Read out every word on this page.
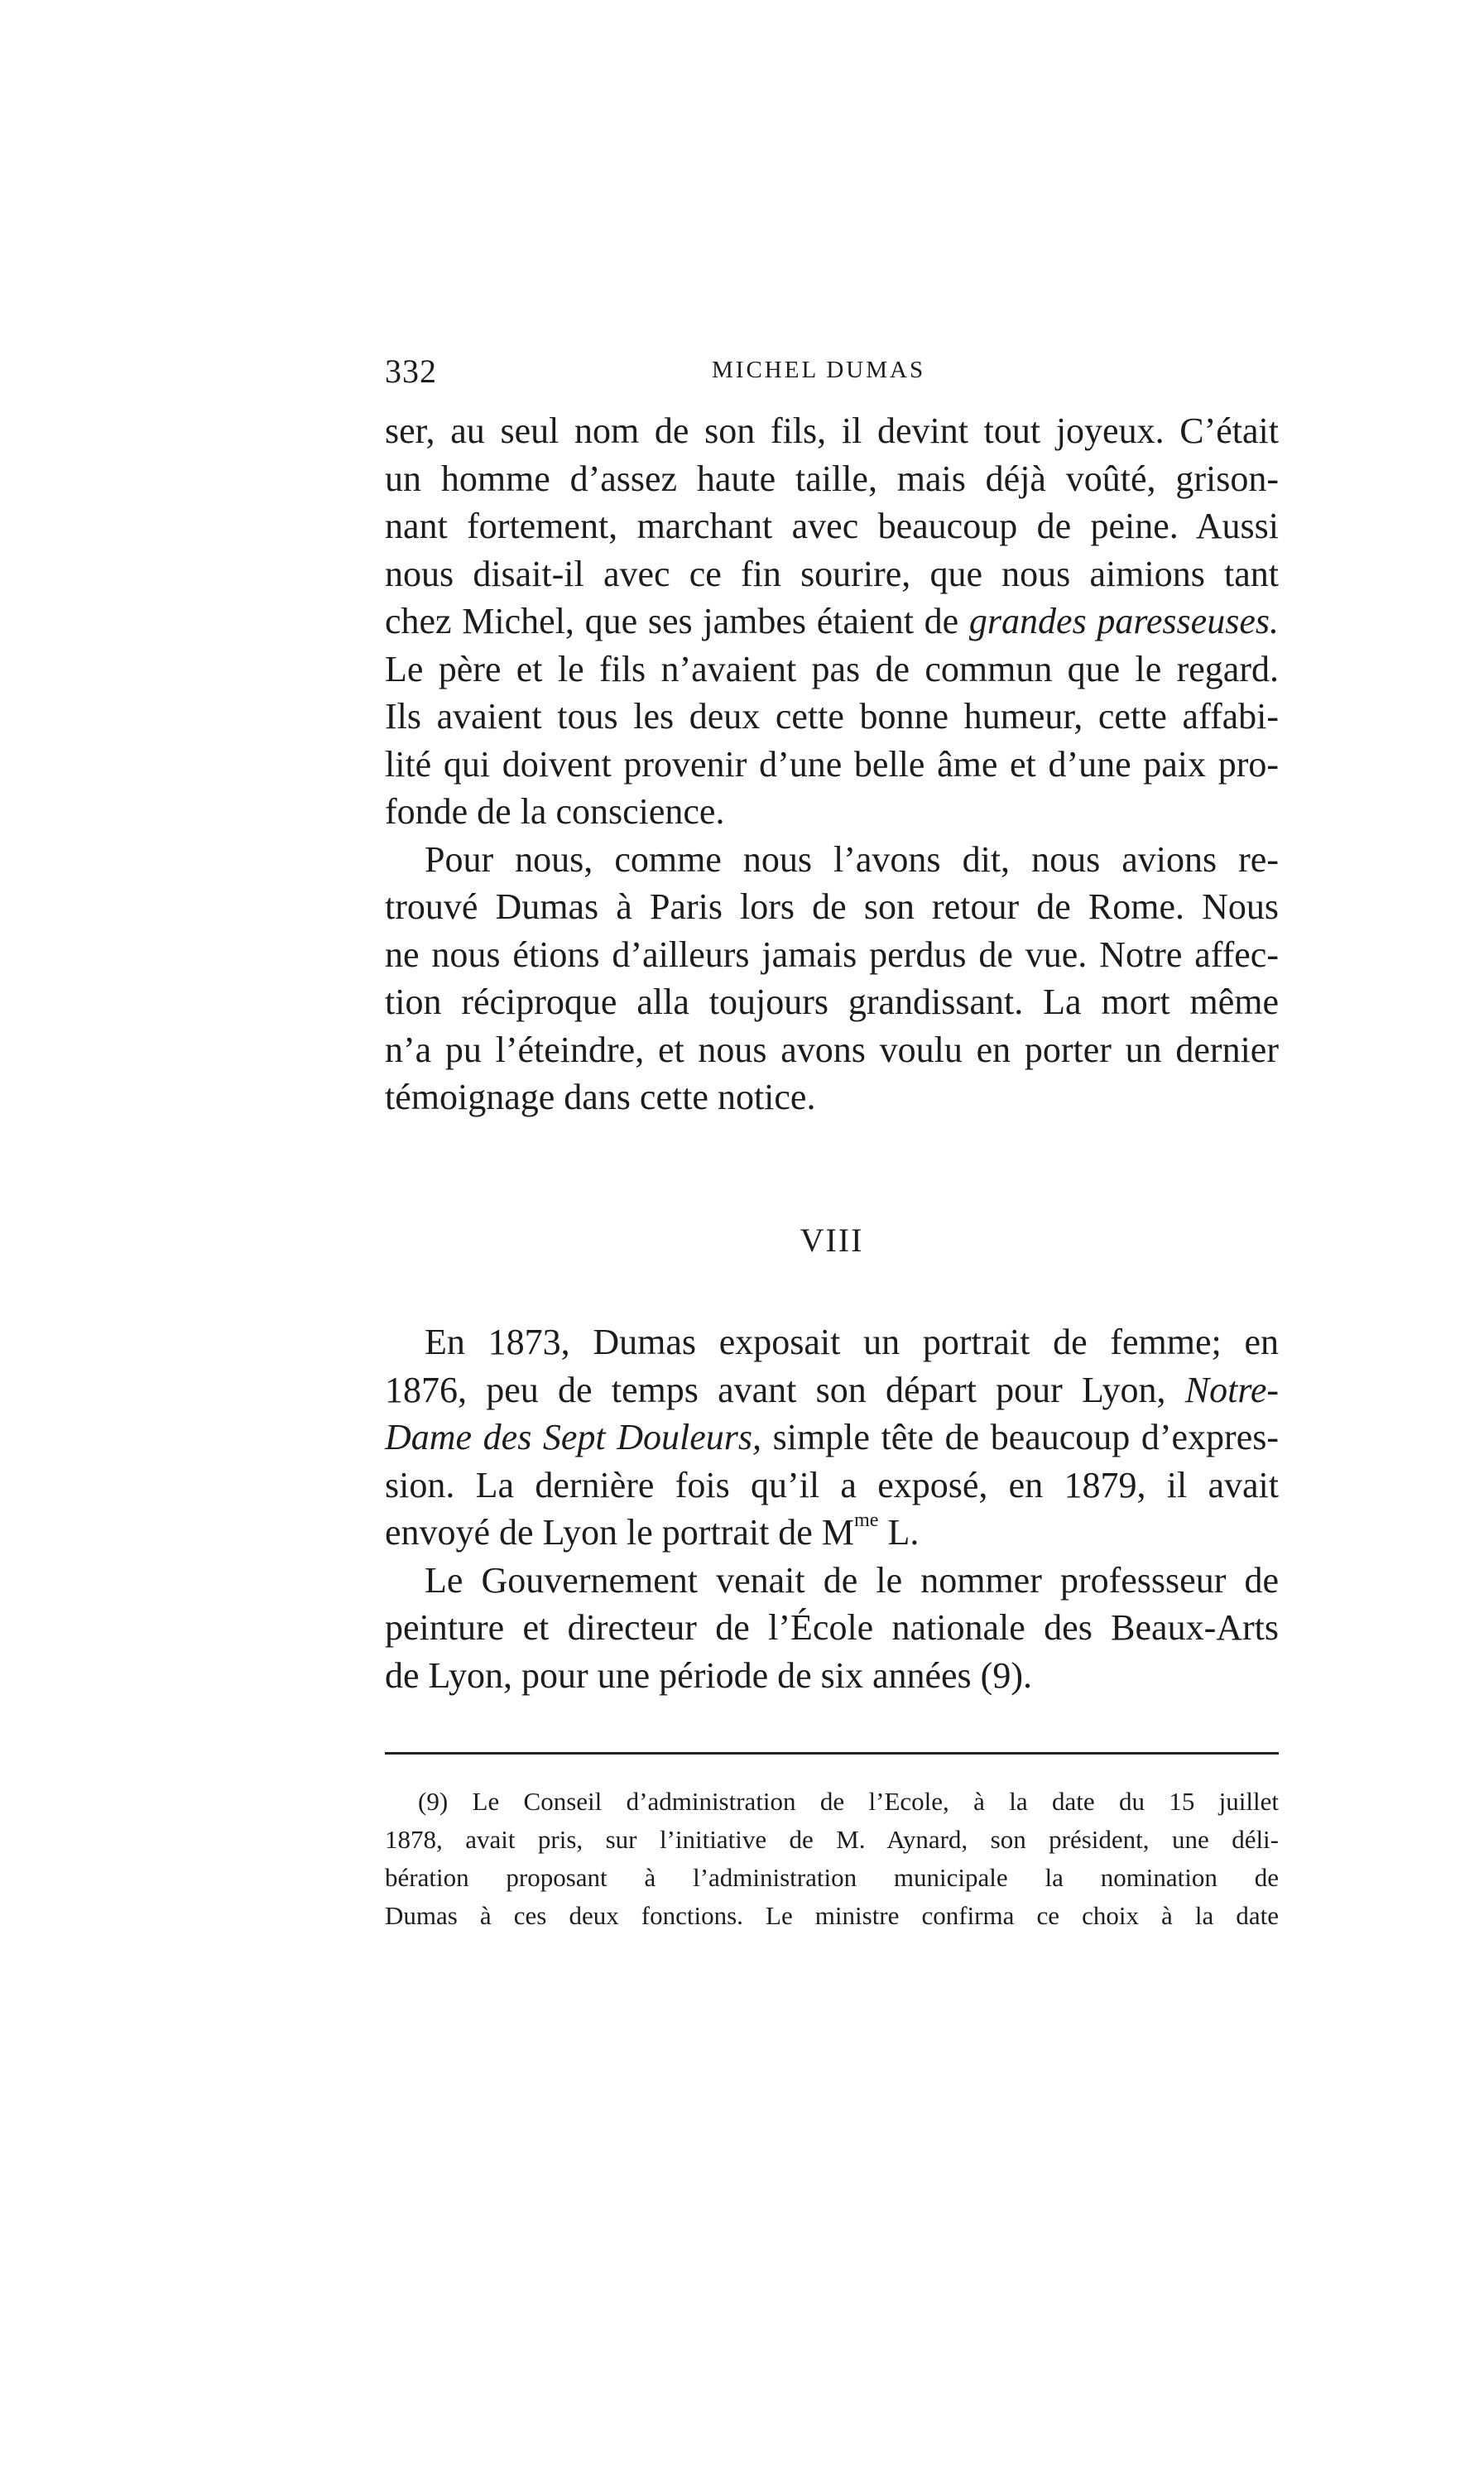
332	MICHEL DUMAS
ser, au seul nom de son fils, il devint tout joyeux. C’était
un homme d’assez haute taille, mais déjà voûté, grison-
nant fortement, marchant avec beaucoup de peine. Aussi
nous disait-il avec ce fin sourire, que nous aimions tant
chez Michel, que ses jambes étaient de grandes paresseuses.
Le père et le fils n’avaient pas de commun que le regard.
Ils avaient tous les deux cette bonne humeur, cette affabi-
lité qui doivent provenir d’une belle âme et d’une paix pro-
fonde de la conscience.
Pour nous, comme nous l’avons dit, nous avions re-
trouvé Dumas à Paris lors de son retour de Rome. Nous
ne nous étions d’ailleurs jamais perdus de vue. Notre affec-
tion réciproque alla toujours grandissant. La mort même
n’a pu l’éteindre, et nous avons voulu en porter un dernier
témoignage dans cette notice.
VIII
En 1873, Dumas exposait un portrait de femme; en
1876, peu de temps avant son départ pour Lyon, Notre-
Dame des Sept Douleurs, simple tête de beaucoup d’expres-
sion. La dernière fois qu’il a exposé, en 1879, il avait
envoyé de Lyon le portrait de $M^{me}$ L.
Le Gouvernement venait de le nommer professseur de
peinture et directeur de l’École nationale des Beaux-Arts
de Lyon, pour une période de six années (9).
(9) Le Conseil d’administration de l’Ecole, à la date du 15 juillet
1878, avait pris, sur l’initiative de M. Aynard, son président, une déli-
bération proposant à l’administration municipale la nomination de
Dumas à ces deux fonctions. Le ministre confirma ce choix à la date
